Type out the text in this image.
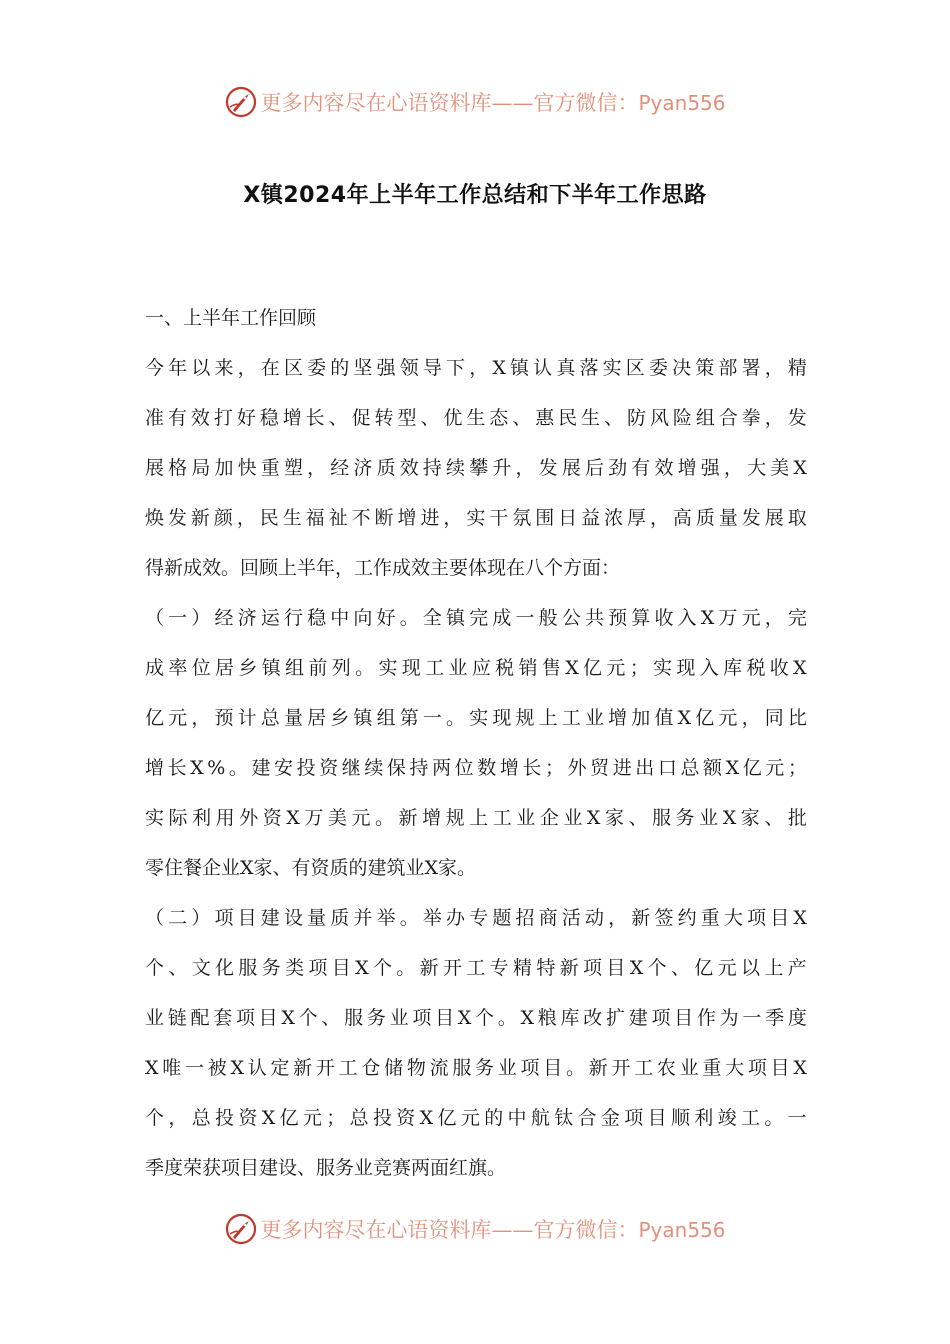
更多内容尽在心语资料库——官方微信：Pyan556
X镇2024年上半年工作总结和下半年工作思路
一、上半年工作回顾
今 年 以 来 ， 在 区 委 的 坚 强 领 导 下 ， X 镇 认 真 落 实 区 委 决 策 部 署 ， 精
准 有 效 打 好 稳 增 长 、 促 转 型 、 优 生 态 、 惠 民 生 、 防 风 险 组 合 拳 ， 发
展 格 局 加 快 重 塑 ， 经 济 质 效 持 续 攀 升 ， 发 展 后 劲 有 效 增 强 ， 大 美 X
焕 发 新 颜 ， 民 生 福 祉 不 断 增 进 ， 实 干 氛 围 日 益 浓 厚 ， 高 质 量 发 展 取
得新成效。回顾上半年，工作成效主要体现在八个方面：
（ 一 ） 经 济 运 行 稳 中 向 好 。 全 镇 完 成 一 般 公 共 预 算 收 入 X 万 元 ， 完
成 率 位 居 乡 镇 组 前 列 。 实 现 工 业 应 税 销 售 X 亿 元 ； 实 现 入 库 税 收 X
亿 元 ， 预 计 总 量 居 乡 镇 组 第 一 。 实 现 规 上 工 业 增 加 值 X 亿 元 ， 同 比
增 长 X % 。 建 安 投 资 继 续 保 持 两 位 数 增 长 ； 外 贸 进 出 口 总 额 X 亿 元 ；
实 际 利 用 外 资 X 万 美 元 。 新 增 规 上 工 业 企 业 X 家 、 服 务 业 X 家 、 批
零住餐企业X家、有资质的建筑业X家。
（ 二 ） 项 目 建 设 量 质 并 举 。 举 办 专 题 招 商 活 动 ， 新 签 约 重 大 项 目 X
个 、 文 化 服 务 类 项 目 X 个 。 新 开 工 专 精 特 新 项 目 X 个 、 亿 元 以 上 产
业 链 配 套 项 目 X 个 、 服 务 业 项 目 X 个 。 X 粮 库 改 扩 建 项 目 作 为 一 季 度
X 唯 一 被 X 认 定 新 开 工 仓 储 物 流 服 务 业 项 目 。 新 开 工 农 业 重 大 项 目 X
个 ， 总 投 资 X 亿 元 ； 总 投 资 X 亿 元 的 中 航 钛 合 金 项 目 顺 利 竣 工 。 一
季度荣获项目建设、服务业竞赛两面红旗。
更多内容尽在心语资料库——官方微信：Pyan556
